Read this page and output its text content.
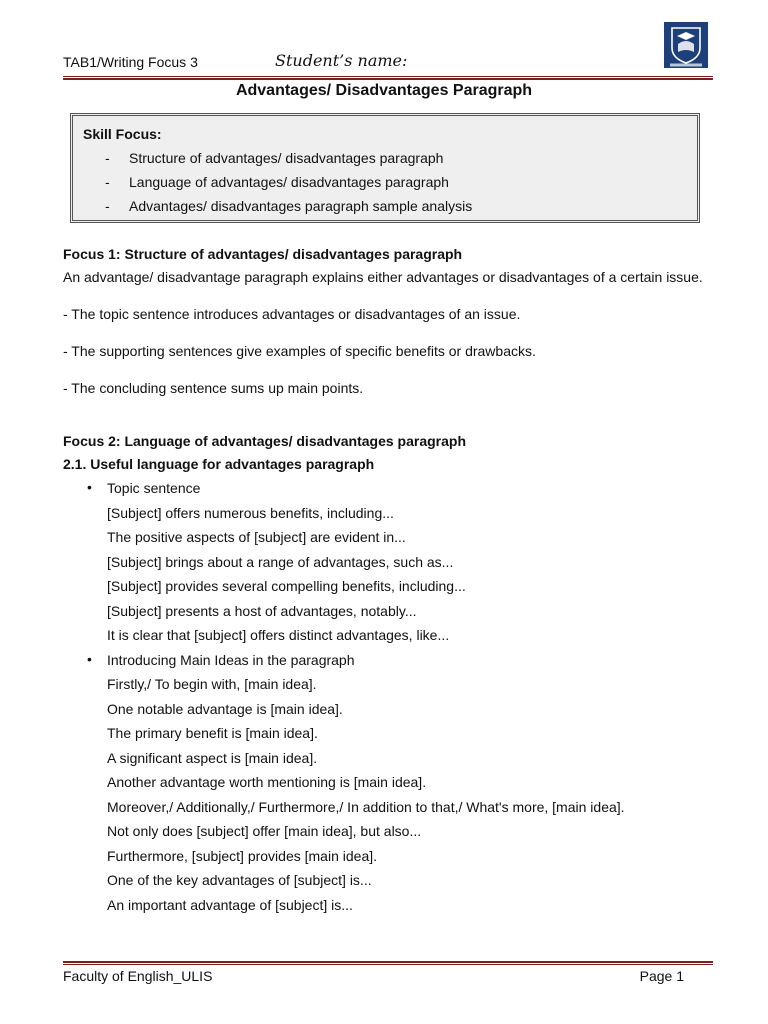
TAB1/Writing Focus 3	Student’s name:
Advantages/ Disadvantages Paragraph
Skill Focus:
- Structure of advantages/ disadvantages paragraph
- Language of advantages/ disadvantages paragraph
- Advantages/ disadvantages paragraph sample analysis

Focus 1: Structure of advantages/ disadvantages paragraph

An advantage/ disadvantage paragraph explains either advantages or disadvantages of a certain issue.

- The topic sentence introduces advantages or disadvantages of an issue.

- The supporting sentences give examples of specific benefits or drawbacks.

- The concluding sentence sums up main points.

Focus 2: Language of advantages/ disadvantages paragraph

2.1. Useful language for advantages paragraph

• Topic sentence
[Subject] offers numerous benefits, including...
The positive aspects of [subject] are evident in...
[Subject] brings about a range of advantages, such as...
[Subject] provides several compelling benefits, including...
[Subject] presents a host of advantages, notably...
It is clear that [subject] offers distinct advantages, like...
• Introducing Main Ideas in the paragraph
Firstly,/ To begin with, [main idea].
One notable advantage is [main idea].
The primary benefit is [main idea].
A significant aspect is [main idea].
Another advantage worth mentioning is [main idea].
Moreover,/ Additionally,/ Furthermore,/ In addition to that,/ What's more, [main idea].
Not only does [subject] offer [main idea], but also...
Furthermore, [subject] provides [main idea].
One of the key advantages of [subject] is...
An important advantage of [subject] is...
Faculty of English_ULIS	Page 1
